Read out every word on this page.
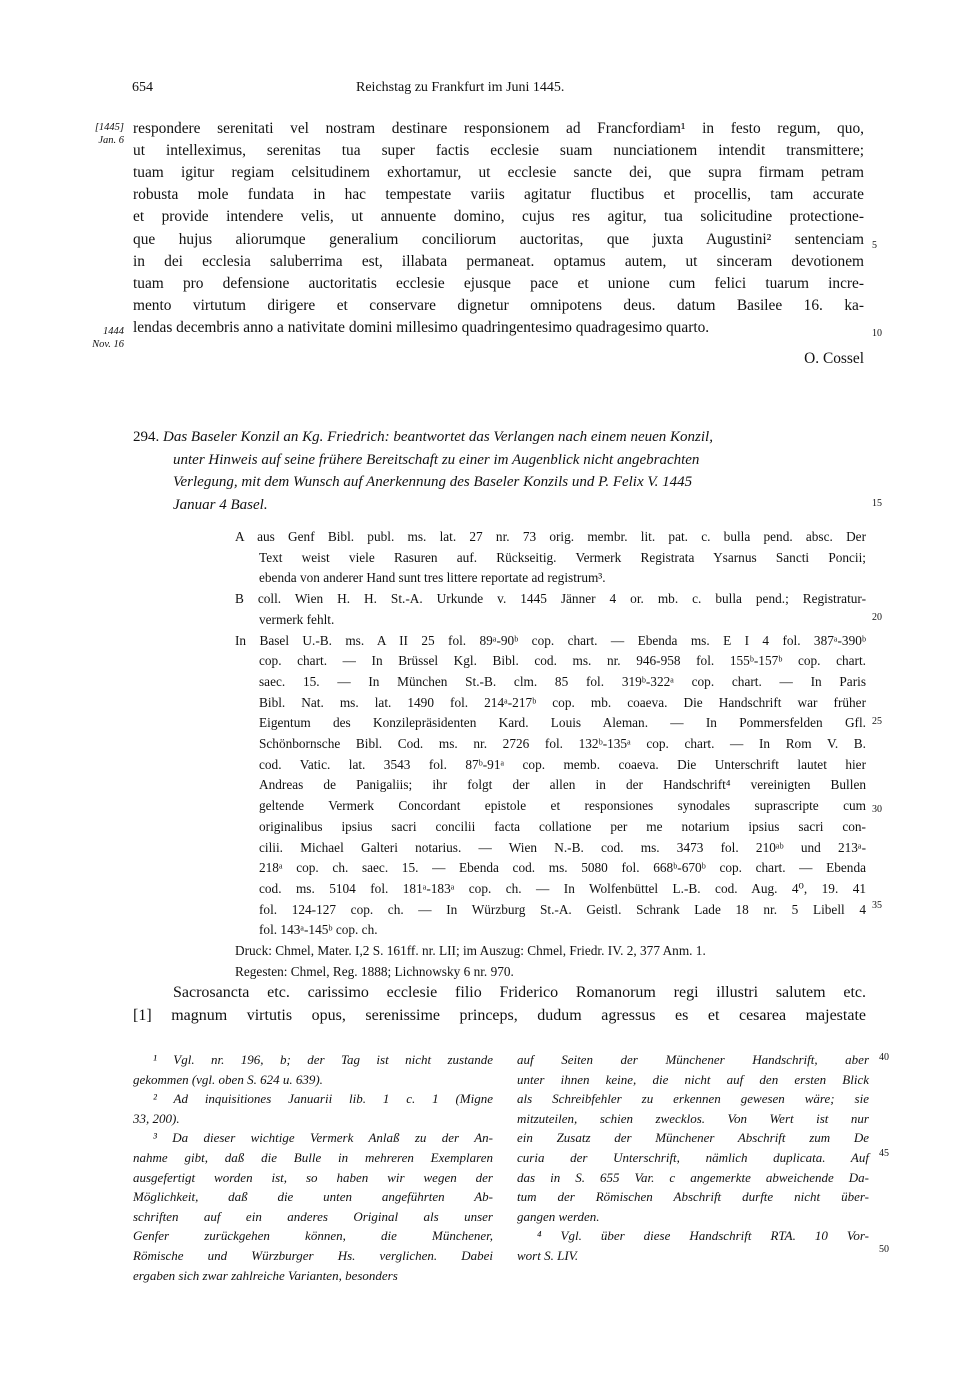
654	Reichstag zu Frankfurt im Juni 1445.
[1445]
Jan. 6
1444
Nov. 16
respondere serenitati vel nostram destinare responsionem ad Francfordiam¹ in festo regum, quo,
ut intelleximus, serenitas tua super factis ecclesie suam nunciationem intendit transmittere;
tuam igitur regiam celsitudinem exhortamur, ut ecclesie sancte dei, que supra firmam petram
robusta mole fundata in hac tempestate variis agitatur fluctibus et procellis, tam accurate
et provide intendere velis, ut annuente domino, cujus res agitur, tua solicitudine protectione-
que hujus aliorumque generalium conciliorum auctoritas, que juxta Augustini² sentenciam
in dei ecclesia saluberrima est, illabata permaneat. optamus autem, ut sinceram devotionem
tuam pro defensione auctoritatis ecclesie ejusque pace et unione cum felici tuarum incre-
mento virtutum dirigere et conservare dignetur omnipotens deus. datum Basilee 16. ka-
lendas decembris anno a nativitate domini millesimo quadringentesimo quadragesimo quarto.
O. Cossel
294. Das Baseler Konzil an Kg. Friedrich: beantwortet das Verlangen nach einem neuen Konzil,
unter Hinweis auf seine frühere Bereitschaft zu einer im Augenblick nicht angebrachten
Verlegung, mit dem Wunsch auf Anerkennung des Baseler Konzils und P. Felix V. 1445
Januar 4 Basel.
A aus Genf Bibl. publ. ms. lat. 27 nr. 73 orig. membr. lit. pat. c. bulla pend. absc. Der
Text weist viele Rasuren auf. Rückseitig. Vermerk Registrata Ysarnus Sancti Poncii;
ebenda von anderer Hand sunt tres littere reportate ad registrum³.
B coll. Wien H. H. St.-A. Urkunde v. 1445 Jänner 4 or. mb. c. bulla pend.; Registratur-
vermerk fehlt.
In Basel U.-B. ms. A II 25 fol. 89ᵃ-90ᵇ cop. chart. — Ebenda ms. E I 4 fol. 387ᵃ-390ᵇ
cop. chart. — In Brüssel Kgl. Bibl. cod. ms. nr. 946-958 fol. 155ᵇ-157ᵇ cop. chart.
saec. 15. — In München St.-B. clm. 85 fol. 319ᵇ-322ᵃ cop. chart. — In Paris
Bibl. Nat. ms. lat. 1490 fol. 214ᵃ-217ᵇ cop. mb. coaeva. Die Handschrift war früher
Eigentum des Konzilepräsidenten Kard. Louis Aleman. — In Pommersfelden Gfl.
Schönbornsche Bibl. Cod. ms. nr. 2726 fol. 132ᵇ-135ᵃ cop. chart. — In Rom V. B.
cod. Vatic. lat. 3543 fol. 87ᵇ-91ᵃ cop. memb. coaeva. Die Unterschrift lautet hier
Andreas de Panigaliis; ihr folgt der allen in der Handschrift⁴ vereinigten Bullen
geltende Vermerk Concordant epistole et responsiones synodales suprascripte cum
originalibus ipsius sacri concilii facta collatione per me notarium ipsius sacri con-
cilii. Michael Galteri notarius. — Wien N.-B. cod. ms. 3473 fol. 210ᵃᵇ und 213ᵃ-
218ᵃ cop. ch. saec. 15. — Ebenda cod. ms. 5080 fol. 668ᵇ-670ᵇ cop. chart. — Ebenda
cod. ms. 5104 fol. 181ᵃ-183ᵃ cop. ch. — In Wolfenbüttel L.-B. cod. Aug. 4⁰, 19. 41
fol. 124-127 cop. ch. — In Würzburg St.-A. Geistl. Schrank Lade 18 nr. 5 Libell 4
fol. 143ᵃ-145ᵇ cop. ch.
Druck: Chmel, Mater. I,2 S. 161ff. nr. LII; im Auszug: Chmel, Friedr. IV. 2, 377 Anm. 1.
Regesten: Chmel, Reg. 1888; Lichnowsky 6 nr. 970.
Sacrosancta etc. carissimo ecclesie filio Friderico Romanorum regi illustri salutem etc.
[1] magnum virtutis opus, serenissime princeps, dudum agressus es et cesarea majestate
¹ Vgl. nr. 196, b; der Tag ist nicht zustande
gekommen (vgl. oben S. 624 u. 639).
² Ad inquisitiones Januarii lib. 1 c. 1 (Migne
33, 200).
³ Da dieser wichtige Vermerk Anlaß zu der An-
nahme gibt, daß die Bulle in mehreren Exemplaren
ausgefertigt worden ist, so haben wir wegen der
Möglichkeit, daß die unten angeführten Ab-
schriften auf ein anderes Original als unser
Genfer zurückgehen können, die Münchener,
Römische und Würzburger Hs. verglichen. Dabei
ergaben sich zwar zahlreiche Varianten, besonders
auf Seiten der Münchener Handschrift, aber
unter ihnen keine, die nicht auf den ersten Blick
als Schreibfehler zu erkennen gewesen wäre; sie
mitzuteilen, schien zwecklos. Von Wert ist nur
ein Zusatz der Münchener Abschrift zum De
curia der Unterschrift, nämlich duplicata. Auf
das in S. 655 Var. c angemerkte abweichende Da-
tum der Römischen Abschrift durfte nicht über-
gangen werden.
⁴ Vgl. über diese Handschrift RTA. 10 Vor-
wort S. LIV.
5
10
15
20
25
30
35
40
45
50
